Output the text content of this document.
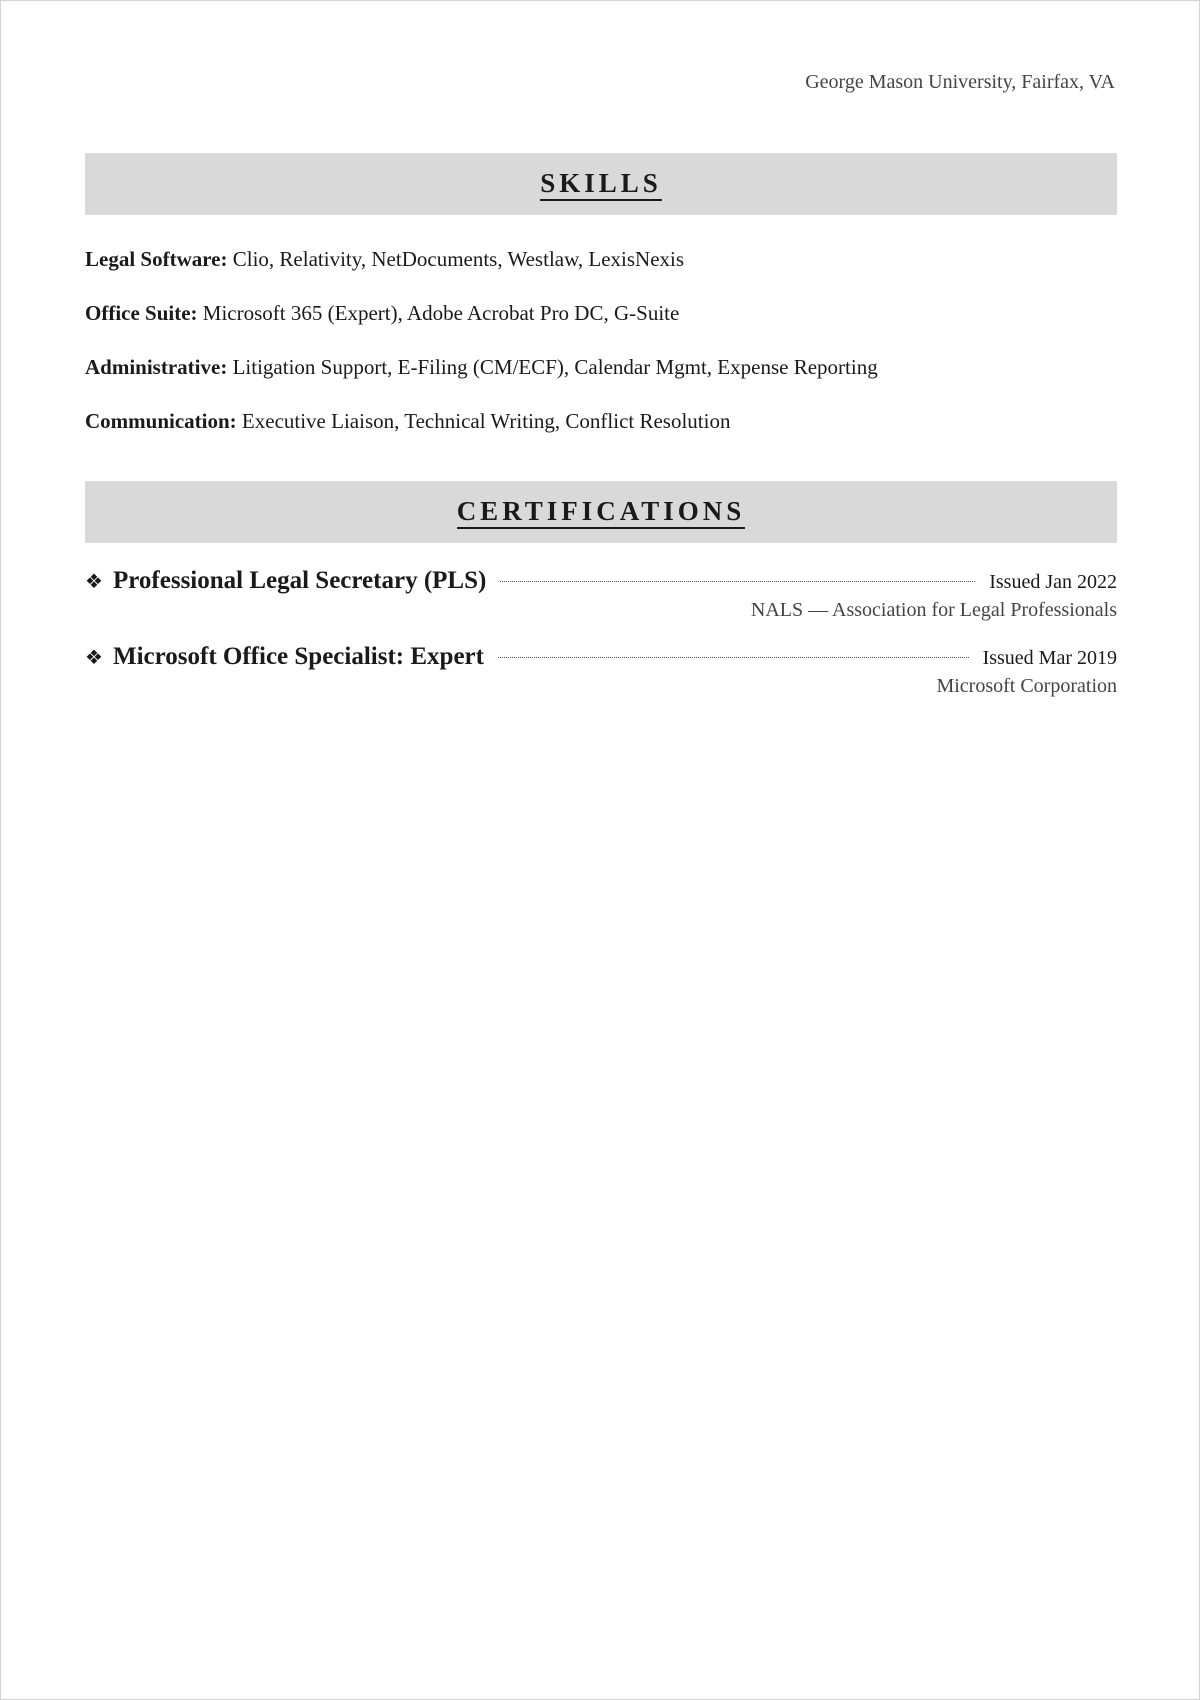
George Mason University, Fairfax, VA
SKILLS
Legal Software: Clio, Relativity, NetDocuments, Westlaw, LexisNexis
Office Suite: Microsoft 365 (Expert), Adobe Acrobat Pro DC, G-Suite
Administrative: Litigation Support, E-Filing (CM/ECF), Calendar Mgmt, Expense Reporting
Communication: Executive Liaison, Technical Writing, Conflict Resolution
CERTIFICATIONS
❖ Professional Legal Secretary (PLS)	Issued Jan 2022
NALS — Association for Legal Professionals
❖ Microsoft Office Specialist: Expert	Issued Mar 2019
Microsoft Corporation
